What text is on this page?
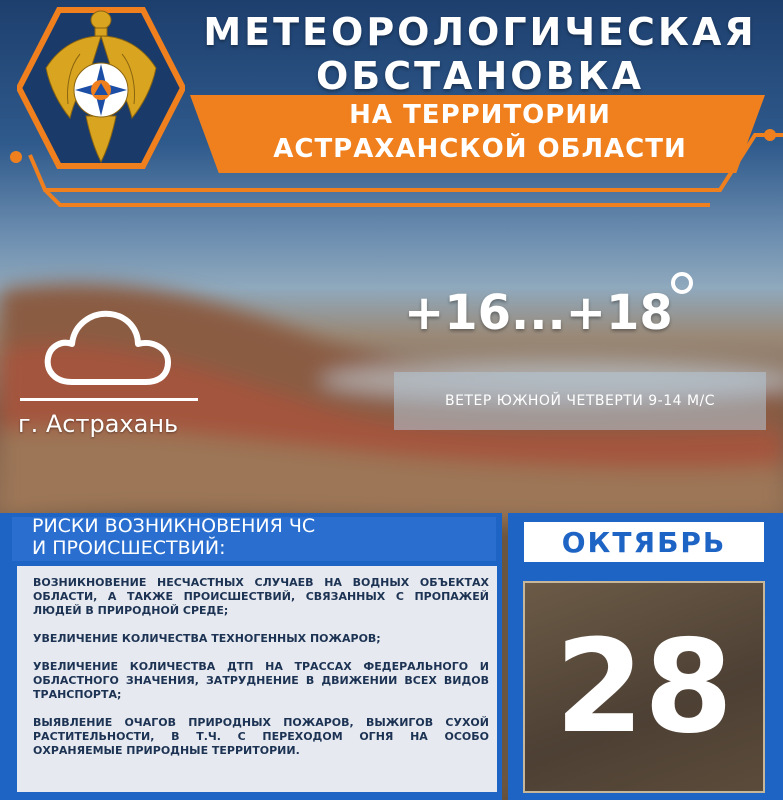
МЕТЕОРОЛОГИЧЕСКАЯ
ОБСТАНОВКА
НА ТЕРРИТОРИИ
АСТРАХАНСКОЙ ОБЛАСТИ
г. Астрахань
+16...+18
ВЕТЕР ЮЖНОЙ ЧЕТВЕРТИ 9-14 М/С
РИСКИ ВОЗНИКНОВЕНИЯ ЧС
И ПРОИСШЕСТВИЙ:
ВОЗНИКНОВЕНИЕ НЕСЧАСТНЫХ СЛУЧАЕВ НА ВОДНЫХ ОБЪЕКТАХ ОБЛАСТИ, А ТАКЖЕ ПРОИСШЕСТВИЙ, СВЯЗАННЫХ С ПРОПАЖЕЙ ЛЮДЕЙ В ПРИРОДНОЙ СРЕДЕ;
УВЕЛИЧЕНИЕ КОЛИЧЕСТВА ТЕХНОГЕННЫХ ПОЖАРОВ;
УВЕЛИЧЕНИЕ КОЛИЧЕСТВА ДТП НА ТРАССАХ ФЕДЕРАЛЬНОГО И ОБЛАСТНОГО ЗНАЧЕНИЯ, ЗАТРУДНЕНИЕ В ДВИЖЕНИИ ВСЕХ ВИДОВ ТРАНСПОРТА;
ВЫЯВЛЕНИЕ ОЧАГОВ ПРИРОДНЫХ ПОЖАРОВ, ВЫЖИГОВ СУХОЙ РАСТИТЕЛЬНОСТИ, В Т.Ч. С ПЕРЕХОДОМ ОГНЯ НА ОСОБО ОХРАНЯЕМЫЕ ПРИРОДНЫЕ ТЕРРИТОРИИ.
ОКТЯБРЬ
28
